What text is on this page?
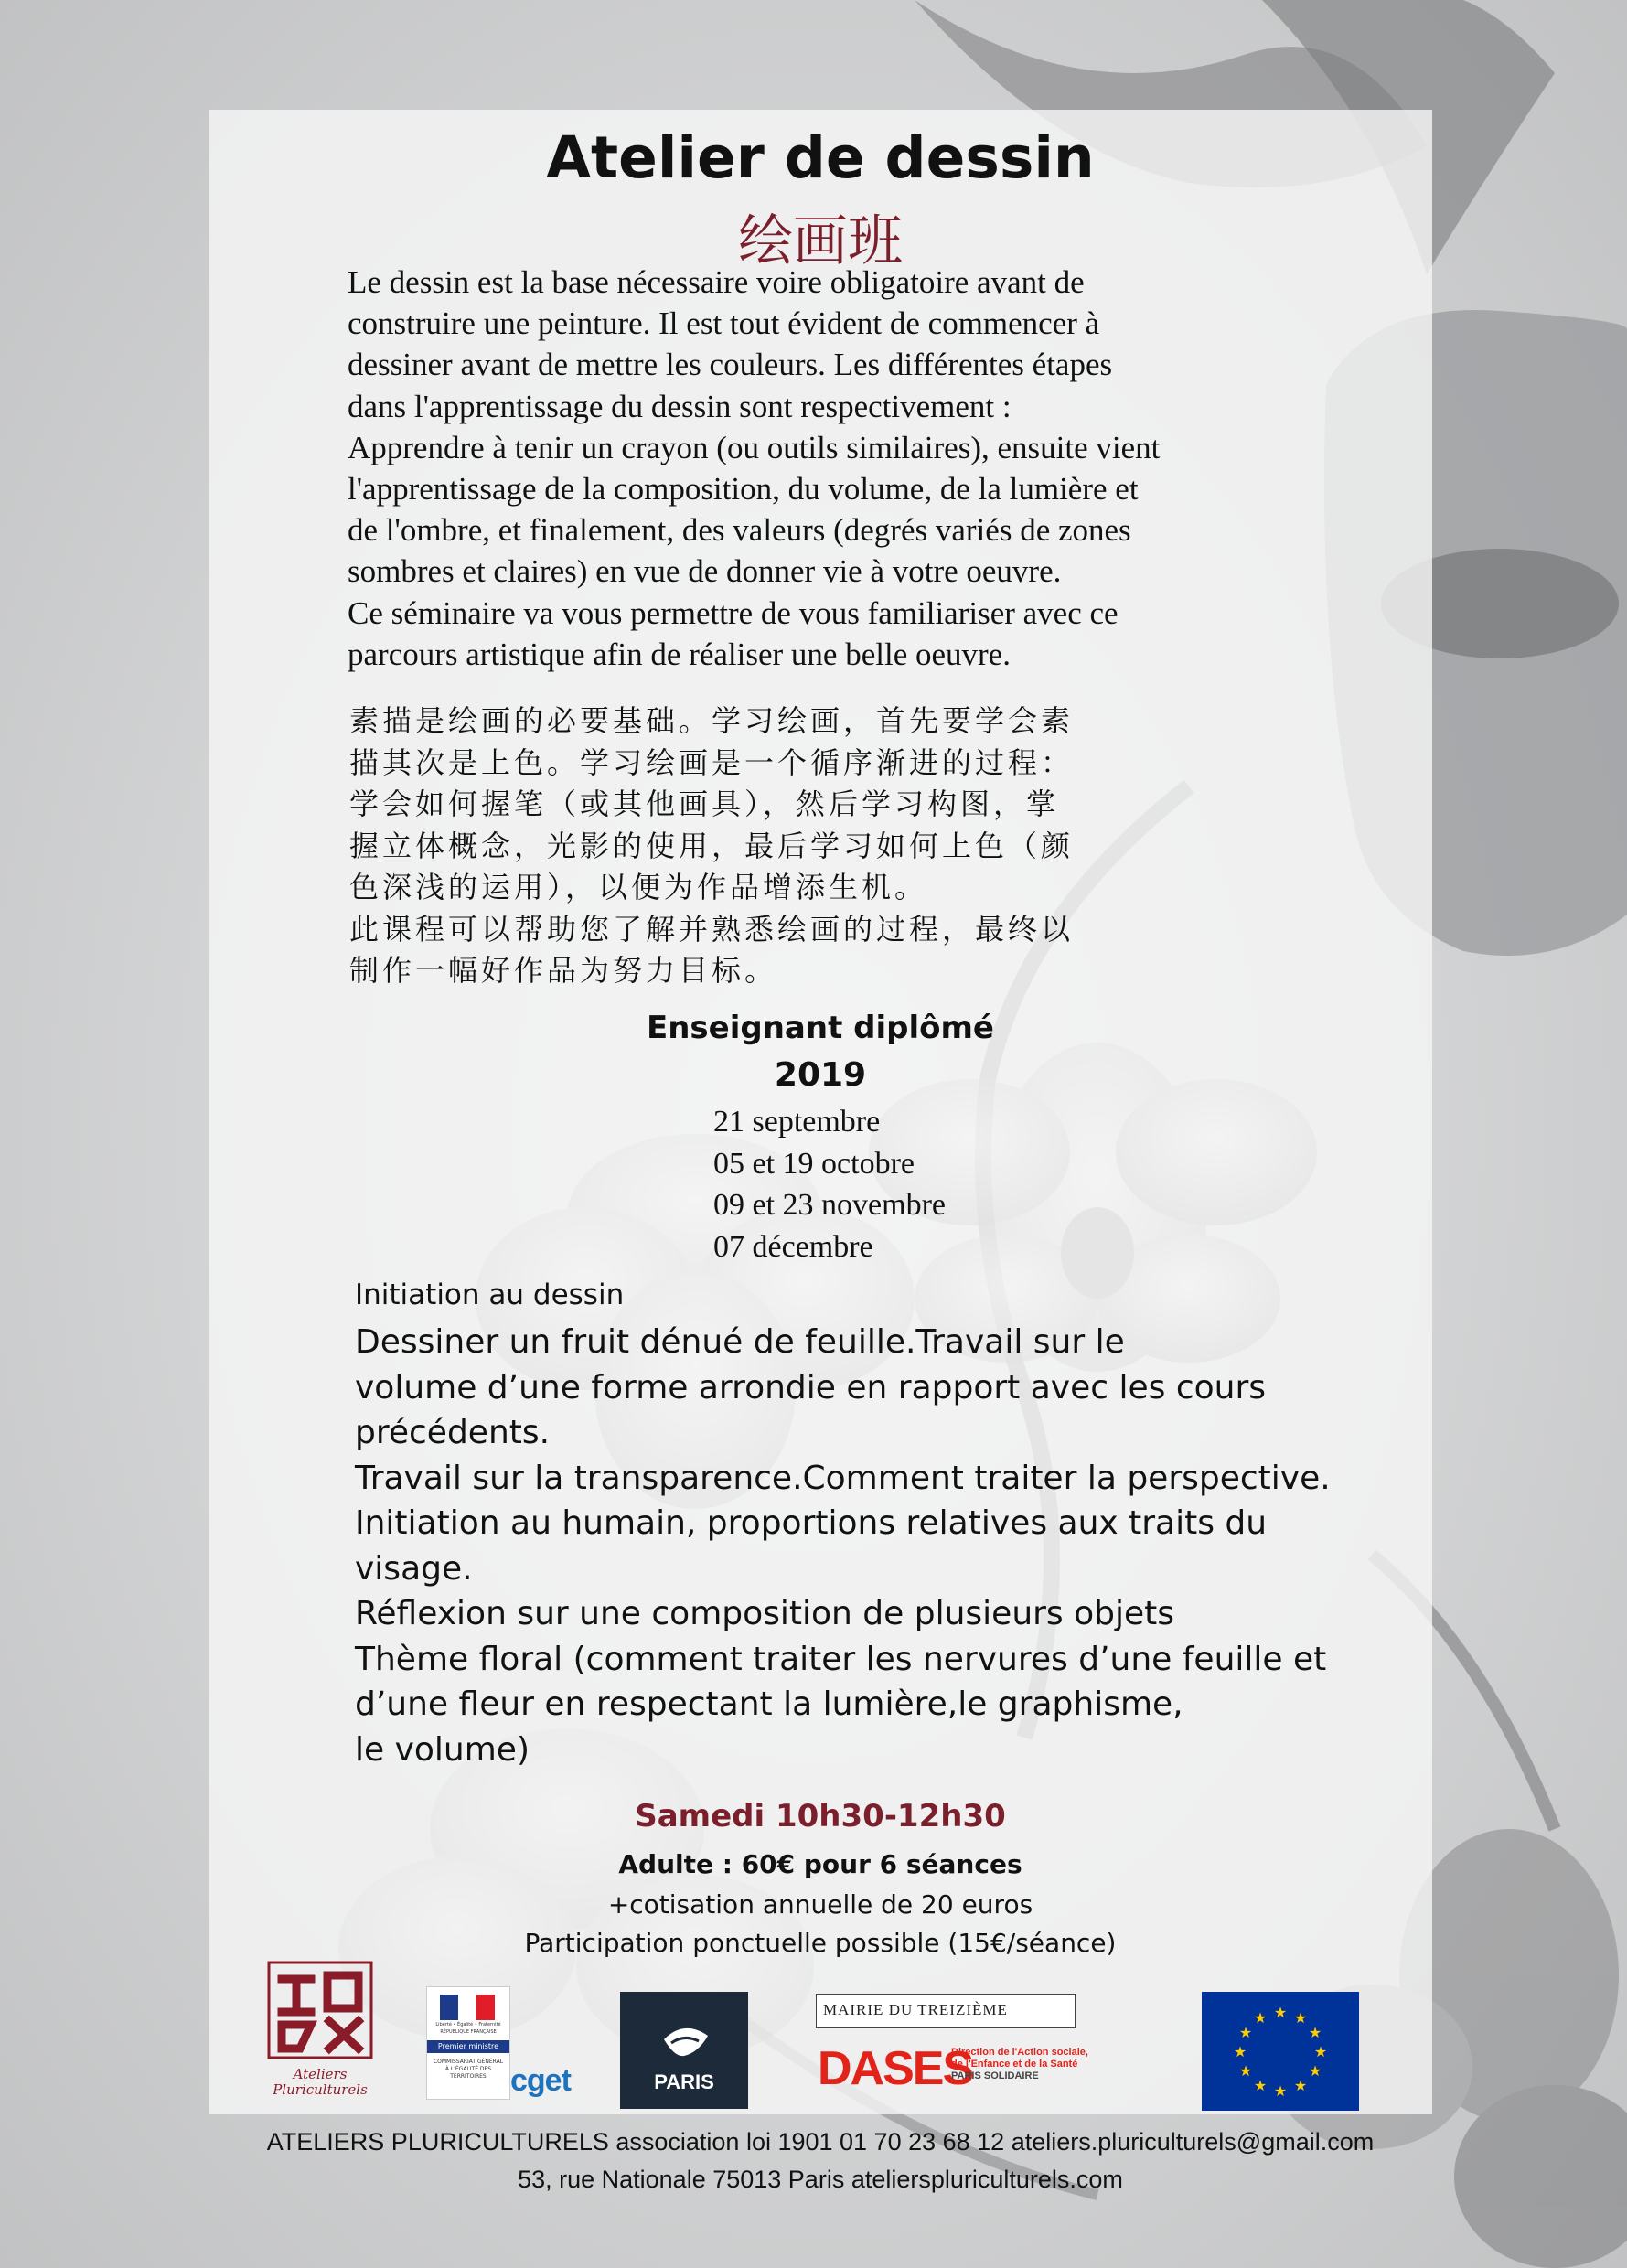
Atelier de dessin
绘画班

Le dessin est la base nécessaire voire obligatoire avant de

construire une peinture. Il est tout évident de commencer à

dessiner avant de mettre les couleurs. Les différentes étapes

dans l'apprentissage du dessin sont respectivement :

Apprendre à tenir un crayon (ou outils similaires), ensuite vient

l'apprentissage de la composition, du volume, de la lumière et

de l'ombre, et finalement, des valeurs (degrés variés de zones

sombres et claires) en vue de donner vie à votre oeuvre.

Ce séminaire va vous permettre de vous familiariser avec ce

parcours artistique afin de réaliser une belle oeuvre.

素描是绘画的必要基础。学习绘画，首先要学会素

描其次是上色。学习绘画是一个循序渐进的过程：

学会如何握笔（或其他画具），然后学习构图，掌

握立体概念，光影的使用，最后学习如何上色（颜

色深浅的运用），以便为作品增添生机。

此课程可以帮助您了解并熟悉绘画的过程，最终以

制作一幅好作品为努力目标。

Enseignant diplômé
2019
21 septembre
05 et 19 octobre
09 et 23 novembre
07 décembre
Initiation au dessin
Dessiner un fruit dénué de feuille.Travail sur le
volume d’une forme arrondie en rapport avec les cours
précédents.
Travail sur la transparence.Comment traiter la perspective.
Initiation au humain, proportions relatives aux traits du
visage.
Réflexion sur une composition de plusieurs objets
Thème floral (comment traiter les nervures d’une feuille et
d’une fleur en respectant la lumière,le graphisme,
le volume)
Samedi 10h30-12h30
Adulte : 60€ pour 6 séances
+cotisation annuelle de 20 euros
Participation ponctuelle possible (15€/séance)
Ateliers
Pluriculturels
Liberté • Égalité • Fraternité
RÉPUBLIQUE FRANÇAISE
Premier ministre
COMMISSARIAT GÉNÉRAL À L'ÉGALITÉ DES TERRITOIRES cget	PARIS
MAIRIE DU TREIZIÈME
DASES
Direction de l'Action sociale,
de l'Enfance et de la Santé
PARIS SOLIDAIRE
★ ★
★
★
★
★
★
★
★
★
★
★
ATELIERS PLURICULTURELS association loi 1901 01 70 23 68 12 ateliers.pluriculturels@gmail.com
53, rue Nationale 75013 Paris atelierspluriculturels.com
